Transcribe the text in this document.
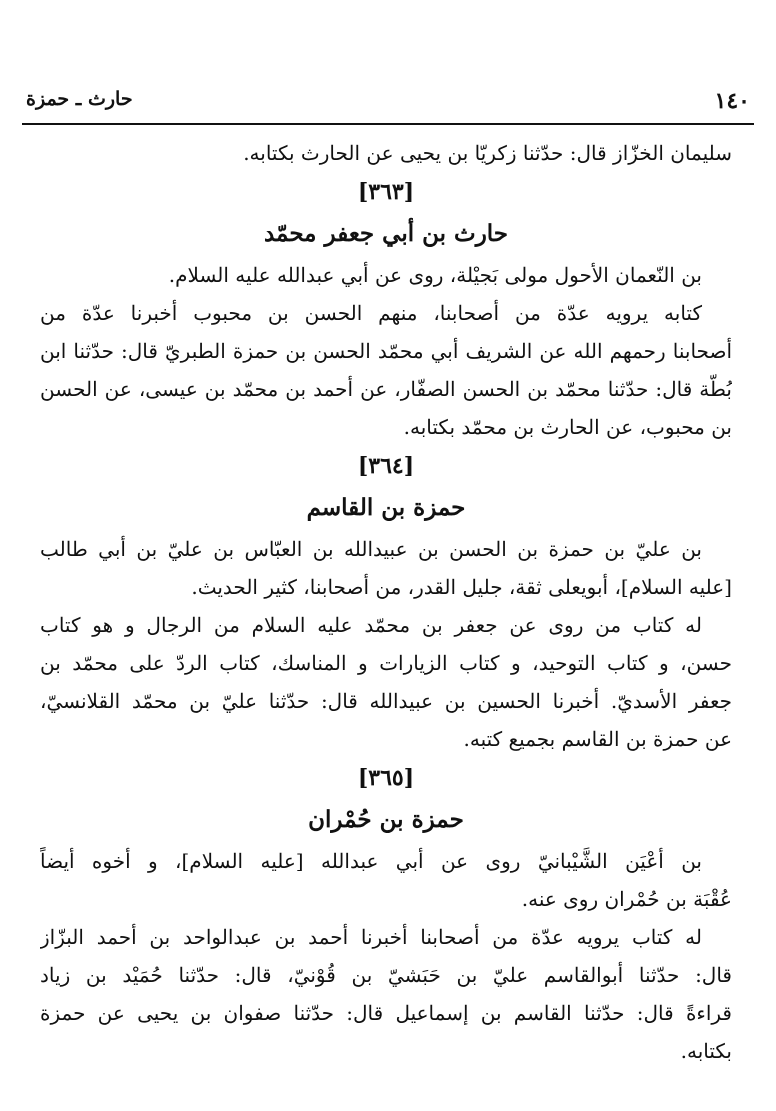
١٤٠
حارث ـ حمزة
سليمان الخزّاز قال: حدّثنا زكريّا بن يحيى عن الحارث بكتابه.
[٣٦٣]
حارث بن أبي جعفر محمّد
بن النّعمان الأحول مولى بَجيْلة، روى عن أبي عبدالله عليه السلام.
كتابه يرويه عدّة من أصحابنا، منهم الحسن بن محبوب أخبرنا عدّة من
أصحابنا رحمهم الله عن الشريف أبي محمّد الحسن بن حمزة الطبريّ قال: حدّثنا ابن
بُطّة قال: حدّثنا محمّد بن الحسن الصفّار، عن أحمد بن محمّد بن عيسى، عن الحسن
بن محبوب، عن الحارث بن محمّد بكتابه.
[٣٦٤]
حمزة بن القاسم
بن عليّ بن حمزة بن الحسن بن عبيدالله بن العبّاس بن عليّ بن أبي طالب
[عليه السلام]، أبويعلى ثقة، جليل القدر، من أصحابنا، كثير الحديث.
له كتاب من روى عن جعفر بن محمّد عليه السلام من الرجال و هو كتاب
حسن، و كتاب التوحيد، و كتاب الزيارات و المناسك، كتاب الردّ على محمّد بن
جعفر الأسديّ. أخبرنا الحسين بن عبيدالله قال: حدّثنا عليّ بن محمّد القلانسيّ،
عن حمزة بن القاسم بجميع كتبه.
[٣٦٥]
حمزة بن حُمْران
بن أعْيَن الشَّيْبانيّ روى عن أبي عبدالله [عليه السلام]، و أخوه أيضاً
عُقْبَة بن حُمْران روى عنه.
له كتاب يرويه عدّة من أصحابنا أخبرنا أحمد بن عبدالواحد بن أحمد البزّاز
قال: حدّثنا أبوالقاسم عليّ بن حَبَشيّ بن قُوْنيّ، قال: حدّثنا حُمَيْد بن زياد
قراءةً قال: حدّثنا القاسم بن إسماعيل قال: حدّثنا صفوان بن يحيى عن حمزة
بكتابه.
